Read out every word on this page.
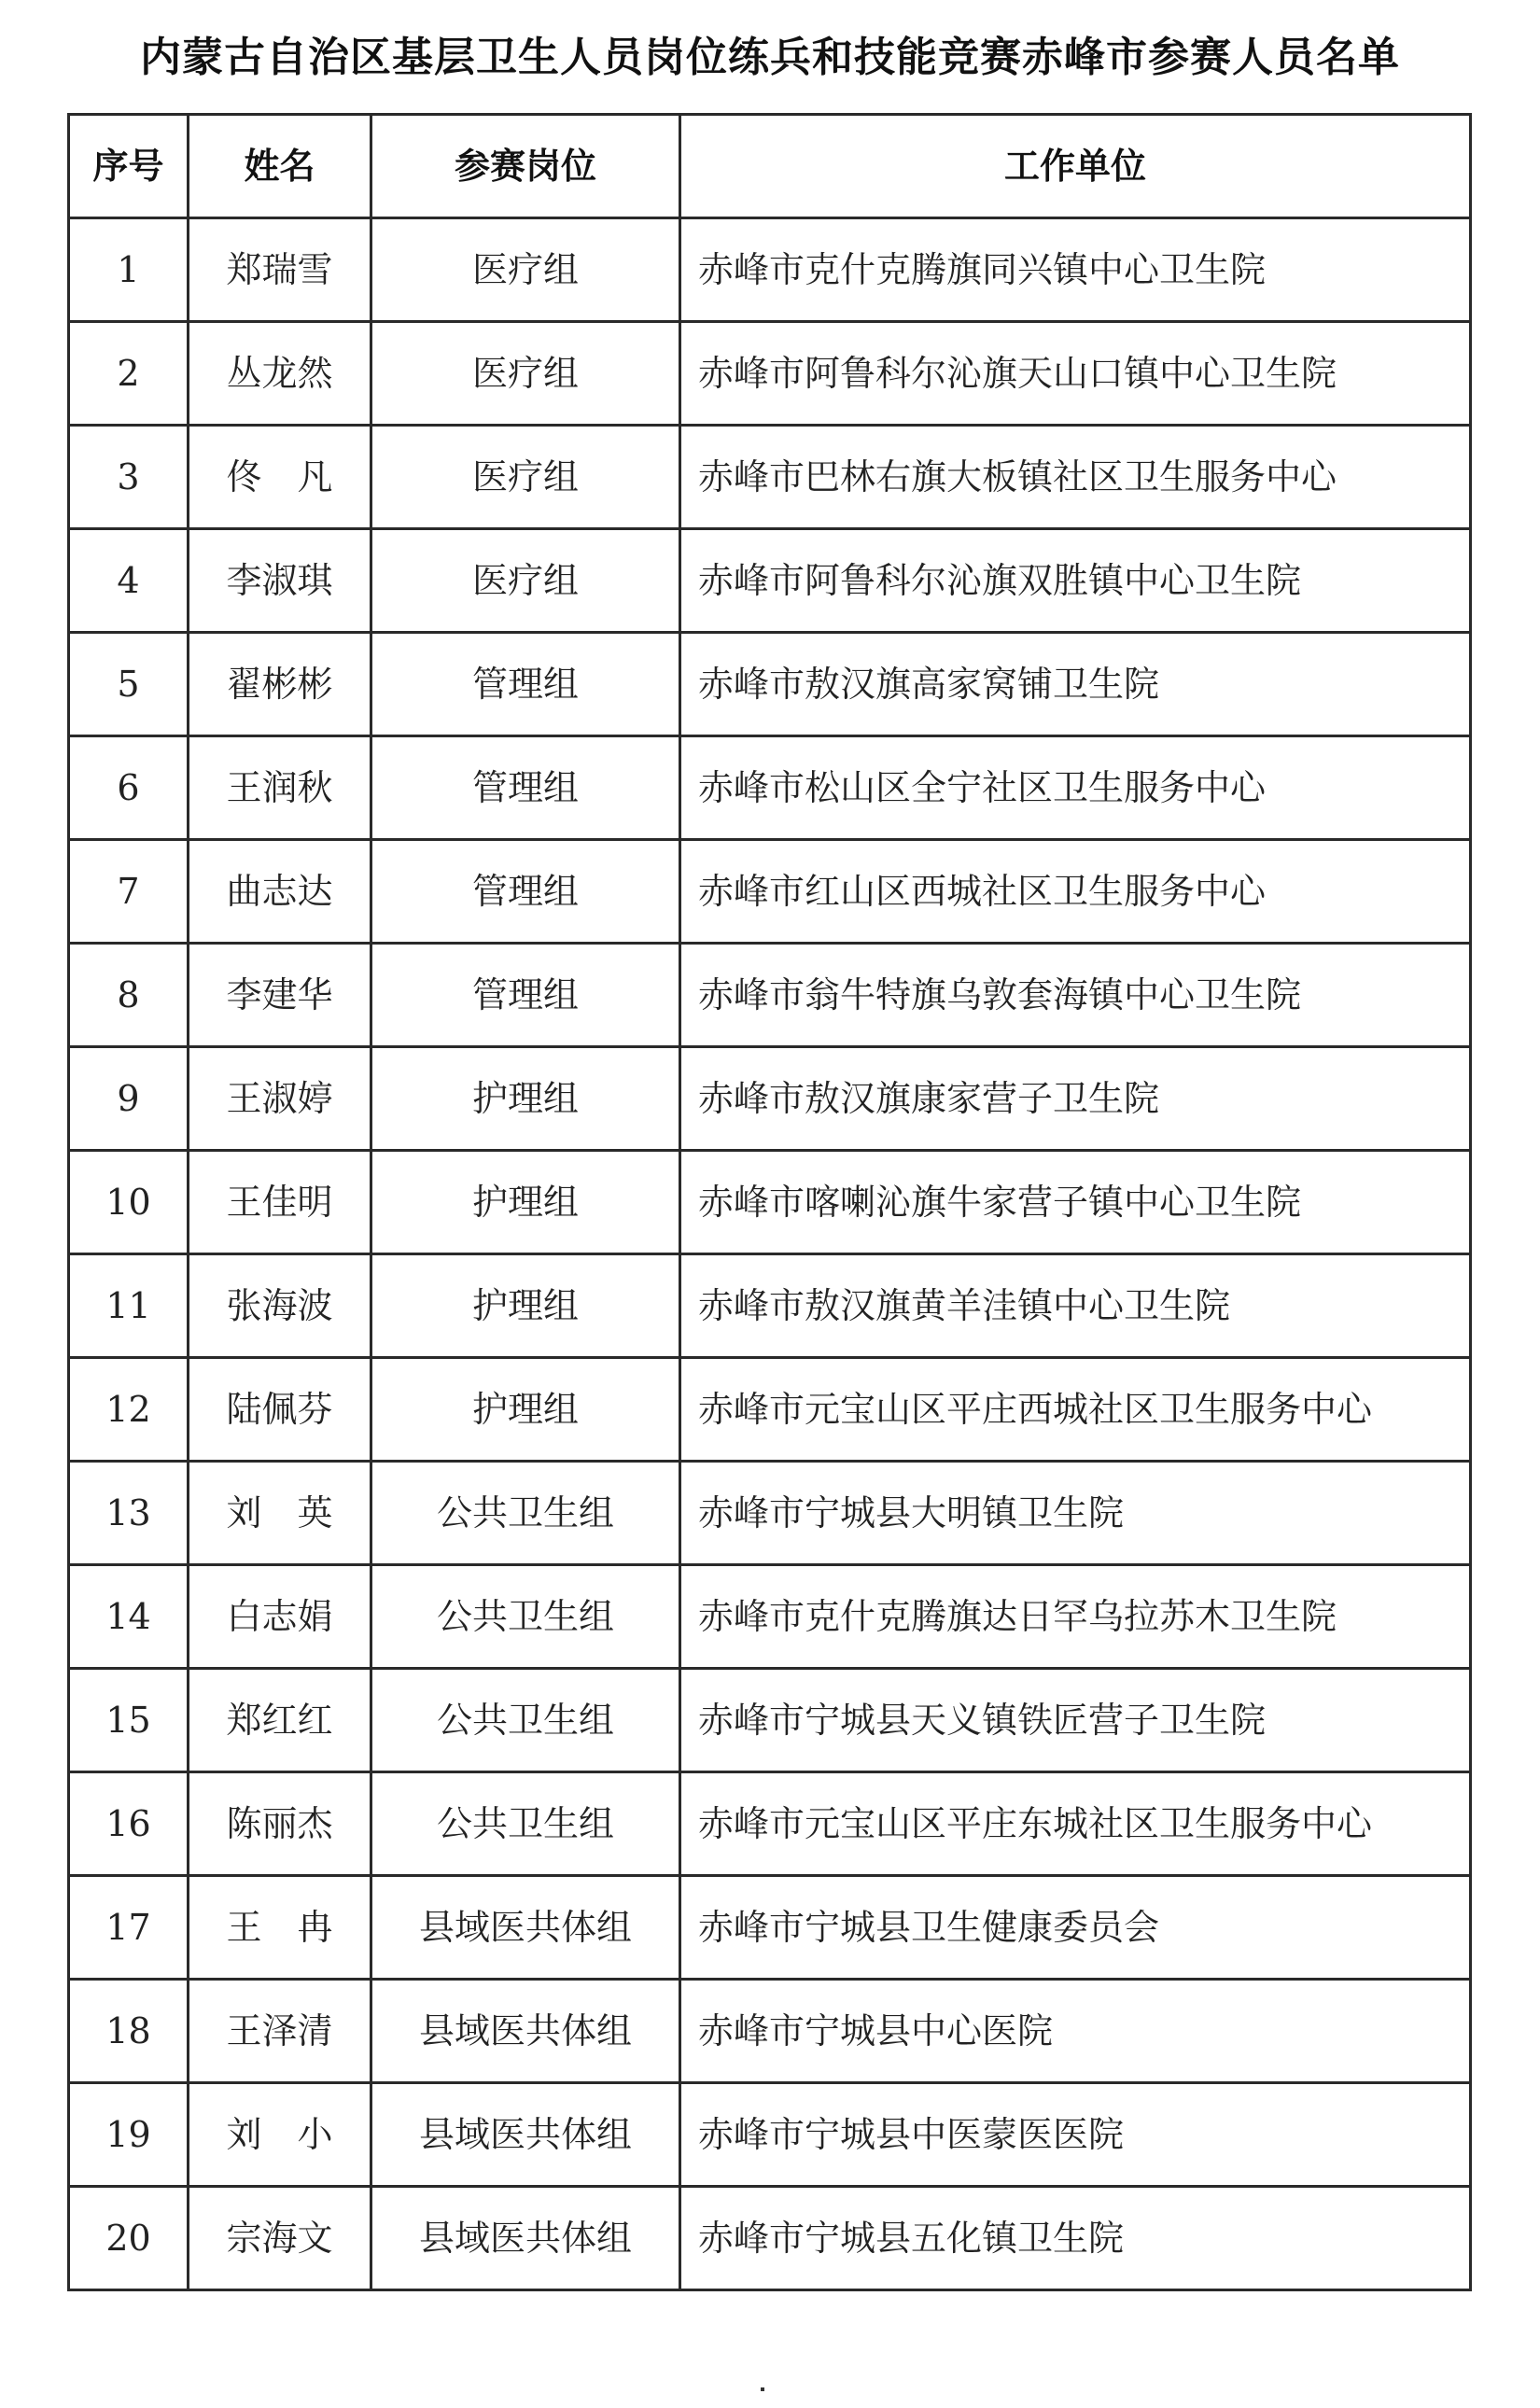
内蒙古自治区基层卫生人员岗位练兵和技能竞赛赤峰市参赛人员名单
序号	姓名	参赛岗位	工作单位
1	郑瑞雪	医疗组	赤峰市克什克腾旗同兴镇中心卫生院
2	丛龙然	医疗组	赤峰市阿鲁科尔沁旗天山口镇中心卫生院
3	佟　凡	医疗组	赤峰市巴林右旗大板镇社区卫生服务中心
4	李淑琪	医疗组	赤峰市阿鲁科尔沁旗双胜镇中心卫生院
5	翟彬彬	管理组	赤峰市敖汉旗高家窝铺卫生院
6	王润秋	管理组	赤峰市松山区全宁社区卫生服务中心
7	曲志达	管理组	赤峰市红山区西城社区卫生服务中心
8	李建华	管理组	赤峰市翁牛特旗乌敦套海镇中心卫生院
9	王淑婷	护理组	赤峰市敖汉旗康家营子卫生院
10	王佳明	护理组	赤峰市喀喇沁旗牛家营子镇中心卫生院
11	张海波	护理组	赤峰市敖汉旗黄羊洼镇中心卫生院
12	陆佩芬	护理组	赤峰市元宝山区平庄西城社区卫生服务中心
13	刘　英	公共卫生组	赤峰市宁城县大明镇卫生院
14	白志娟	公共卫生组	赤峰市克什克腾旗达日罕乌拉苏木卫生院
15	郑红红	公共卫生组	赤峰市宁城县天义镇铁匠营子卫生院
16	陈丽杰	公共卫生组	赤峰市元宝山区平庄东城社区卫生服务中心
17	王　冉	县域医共体组	赤峰市宁城县卫生健康委员会
18	王泽清	县域医共体组	赤峰市宁城县中心医院
19	刘　小	县域医共体组	赤峰市宁城县中医蒙医医院
20	宗海文	县域医共体组	赤峰市宁城县五化镇卫生院
